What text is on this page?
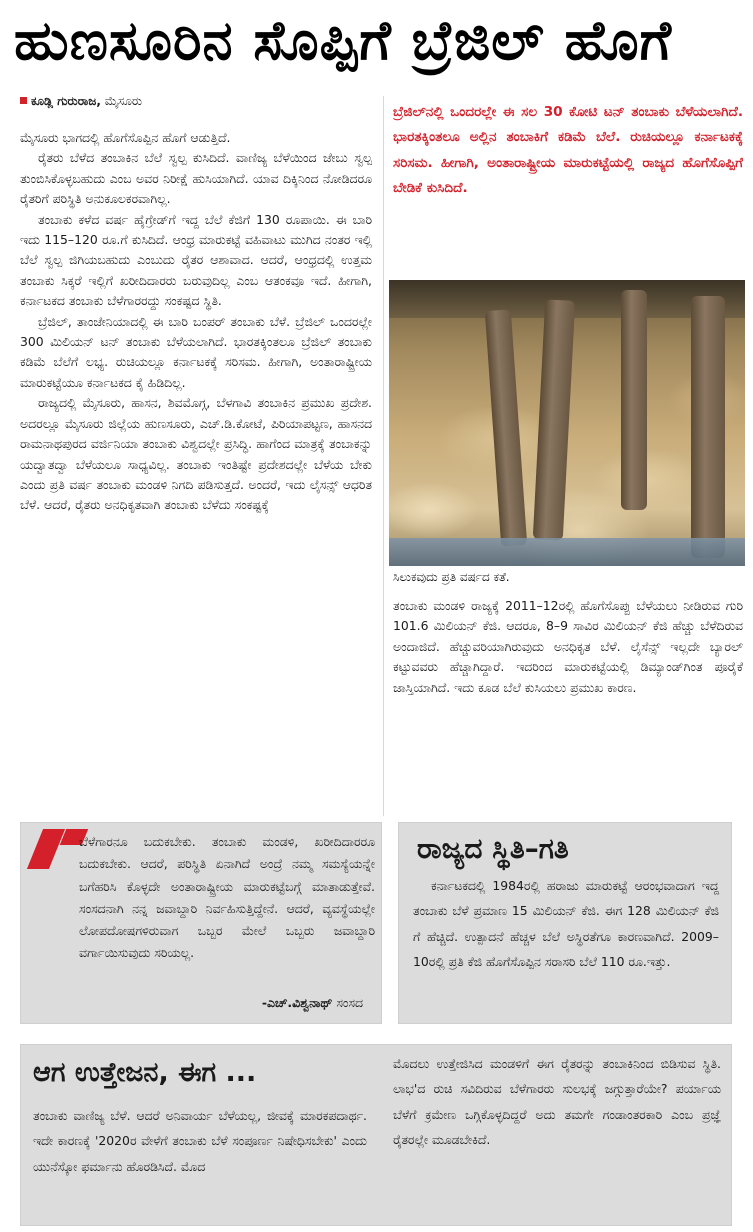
ಹುಣಸೂರಿನ ಸೊಪ್ಪಿಗೆ ಬ್ರೆಜಿಲ್ ಹೊಗೆ
ಕೂಡ್ಲಿ ಗುರುರಾಜ, ಮೈಸೂರು

ಮೈಸೂರು ಭಾಗದಲ್ಲಿ ಹೊಗೆಸೊಪ್ಪಿನ ಹೊಗೆ ಆಡುತ್ತಿದೆ.

ರೈತರು ಬೆಳೆದ ತಂಬಾಕಿನ ಬೆಲೆ ಸ್ವಲ್ಪ ಕುಸಿದಿದೆ. ವಾಣಿಜ್ಯ ಬೆಳೆಯಿಂದ ಜೇಬು ಸ್ವಲ್ಪ ತುಂಬಿಸಿಕೊಳ್ಳಬಹುದು ಎಂಬ ಅವರ ನಿರೀಕ್ಷೆ ಹುಸಿಯಾಗಿದೆ. ಯಾವ ದಿಕ್ಕಿನಿಂದ ನೋಡಿದರೂ ರೈತರಿಗೆ ಪರಿಸ್ಥಿತಿ ಅನುಕೂಲಕರವಾಗಿಲ್ಲ.

ತಂಬಾಕು ಕಳೆದ ವರ್ಷ ಹೈಗ್ರೇಡ್‌ಗೆ ಇದ್ದ ಬೆಲೆ ಕೆಜಿಗೆ 130 ರೂಪಾಯಿ. ಈ ಬಾರಿ ಇದು 115–120 ರೂ.ಗೆ ಕುಸಿದಿದೆ. ಆಂಧ್ರ ಮಾರುಕಟ್ಟೆ ವಹಿವಾಟು ಮುಗಿದ ನಂತರ ಇಲ್ಲಿ ಬೆಲೆ ಸ್ವಲ್ಪ ಜಿಗಿಯಬಹುದು ಎಂಬುದು ರೈತರ ಆಶಾವಾದ. ಆದರೆ, ಆಂಧ್ರದಲ್ಲಿ ಉತ್ತಮ ತಂಬಾಕು ಸಿಕ್ಕರೆ ಇಲ್ಲಿಗೆ ಖರೀದಿದಾರರು ಬರುವುದಿಲ್ಲ ಎಂಬ ಆತಂಕವೂ ಇದೆ. ಹೀಗಾಗಿ, ಕರ್ನಾಟಕದ ತಂಬಾಕು ಬೆಳೆಗಾರರದ್ದು ಸಂಕಷ್ಟದ ಸ್ಥಿತಿ.

ಬ್ರೆಜಿಲ್, ತಾಂಜೇನಿಯಾದಲ್ಲಿ ಈ ಬಾರಿ ಬಂಪರ್ ತಂಬಾಕು ಬೆಳೆ. ಬ್ರೆಜಿಲ್ ಒಂದರಲ್ಲೇ 300 ಮಿಲಿಯನ್ ಟನ್ ತಂಬಾಕು ಬೆಳೆಯಲಾಗಿದೆ. ಭಾರತಕ್ಕಿಂತಲೂ ಬ್ರೆಜಿಲ್ ತಂಬಾಕು ಕಡಿಮೆ ಬೆಲೆಗೆ ಲಭ್ಯ. ರುಚಿಯಲ್ಲೂ ಕರ್ನಾಟಕಕ್ಕೆ ಸರಿಸಮ. ಹೀಗಾಗಿ, ಅಂತಾರಾಷ್ಟ್ರೀಯ ಮಾರುಕಟ್ಟೆಯೂ ಕರ್ನಾಟಕದ ಕೈ ಹಿಡಿದಿಲ್ಲ.

ರಾಜ್ಯದಲ್ಲಿ ಮೈಸೂರು, ಹಾಸನ, ಶಿವಮೊಗ್ಗ, ಬೆಳಗಾವಿ ತಂಬಾಕಿನ ಪ್ರಮುಖ ಪ್ರದೇಶ. ಅದರಲ್ಲೂ ಮೈಸೂರು ಜಿಲ್ಲೆಯ ಹುಣಸೂರು, ಎಚ್.ಡಿ.ಕೋಟೆ, ಪಿರಿಯಾಪಟ್ಟಣ, ಹಾಸನದ ರಾಮನಾಥಪುರದ ವರ್ಜಿನಿಯಾ ತಂಬಾಕು ವಿಶ್ವದಲ್ಲೇ ಪ್ರಸಿದ್ಧಿ. ಹಾಗೆಂದ ಮಾತ್ರಕ್ಕೆ ತಂಬಾಕನ್ನು ಯದ್ವಾತದ್ವಾ ಬೆಳೆಯಲೂ ಸಾಧ್ಯವಿಲ್ಲ. ತಂಬಾಕು ಇಂತಿಷ್ಟೇ ಪ್ರದೇಶದಲ್ಲೇ ಬೆಳೆಯ ಬೇಕು ಎಂದು ಪ್ರತಿ ವರ್ಷ ತಂಬಾಕು ಮಂಡಳಿ ನಿಗದಿ ಪಡಿಸುತ್ತದೆ. ಅಂದರೆ, ಇದು ಲೈಸನ್ಸ್ ಆಧರಿತ ಬೆಳೆ. ಆದರೆ, ರೈತರು ಅನಧಿಕೃತವಾಗಿ ತಂಬಾಕು ಬೆಳೆದು ಸಂಕಷ್ಟಕ್ಕೆ

ಬ್ರೆಜಿಲ್‌ನಲ್ಲಿ ಒಂದರಲ್ಲೇ ಈ ಸಲ 30 ಕೋಟಿ ಟನ್ ತಂಬಾಕು ಬೆಳೆಯಲಾಗಿದೆ. ಭಾರತಕ್ಕಿಂತಲೂ ಅಲ್ಲಿನ ತಂಬಾಕಿಗೆ ಕಡಿಮೆ ಬೆಲೆ. ರುಚಿಯಲ್ಲೂ ಕರ್ನಾಟಕಕ್ಕೆ ಸರಿಸಮ. ಹೀಗಾಗಿ, ಅಂತಾರಾಷ್ಟ್ರೀಯ ಮಾರುಕಟ್ಟೆಯಲ್ಲಿ ರಾಜ್ಯದ ಹೊಗೆಸೊಪ್ಪಿಗೆ ಬೇಡಿಕೆ ಕುಸಿದಿದೆ.
ಸಿಲುಕವುದು ಪ್ರತಿ ವರ್ಷದ ಕತೆ.

ತಂಬಾಕು ಮಂಡಳಿ ರಾಜ್ಯಕ್ಕೆ 2011–12ರಲ್ಲಿ ಹೊಗೆಸೊಪ್ಪು ಬೆಳೆಯಲು ನೀಡಿರುವ ಗುರಿ 101.6 ಮಿಲಿಯನ್ ಕೆಜಿ. ಆದರೂ, 8–9 ಸಾವಿರ ಮಿಲಿಯನ್ ಕೆಜಿ ಹೆಚ್ಚು ಬೆಳೆದಿರುವ ಅಂದಾಜಿದೆ. ಹೆಚ್ಚುವರಿಯಾಗಿರುವುದು ಅನಧಿಕೃತ ಬೆಳೆ. ಲೈಸೆನ್ಸ್ ಇಲ್ಲದೇ ಬ್ಯಾರಲ್ ಕಟ್ಟುವವರು ಹೆಚ್ಚಾಗಿದ್ದಾರೆ. ಇದರಿಂದ ಮಾರುಕಟ್ಟೆಯಲ್ಲಿ ಡಿಮ್ಯಾಂಡ್‌ಗಿಂತ ಪೂರೈಕೆ ಜಾಸ್ತಿಯಾಗಿದೆ. ಇದು ಕೂಡ ಬೆಲೆ ಕುಸಿಯಲು ಪ್ರಮುಖ ಕಾರಣ.

ಬೆಳೆಗಾರನೂ ಬದುಕಬೇಕು. ತಂಬಾಕು ಮಂಡಳಿ, ಖರೀದಿದಾರರೂ ಬದುಕಬೇಕು. ಆದರೆ, ಪರಿಸ್ಥಿತಿ ಏನಾಗಿದೆ ಅಂದ್ರೆ ನಮ್ಮ ಸಮಸ್ಯೆಯನ್ನೇ ಬಗೆಹರಿಸಿ ಕೊಳ್ಳದೇ ಅಂತಾರಾಷ್ಟ್ರೀಯ ಮಾರುಕಟ್ಟೆಬಗ್ಗೆ ಮಾತಾಡುತ್ತೇವೆ. ಸಂಸದನಾಗಿ ನನ್ನ ಜವಾಬ್ದಾರಿ ನಿರ್ವಹಿಸುತ್ತಿದ್ದೇನೆ. ಆದರೆ, ವ್ಯವಸ್ಥೆಯಲ್ಲೇ ಲೋಪದೋಷಗಳಿರುವಾಗ ಒಬ್ಬರ ಮೇಲೆ ಒಬ್ಬರು ಜವಾಬ್ದಾರಿ ವರ್ಗಾಯಿಸುವುದು ಸರಿಯಲ್ಲ.
-ಎಚ್.ವಿಶ್ವನಾಥ್ ಸಂಸದ
ರಾಜ್ಯದ ಸ್ಥಿತಿ–ಗತಿ

ಕರ್ನಾಟಕದಲ್ಲಿ 1984ರಲ್ಲಿ ಹರಾಜು ಮಾರುಕಟ್ಟೆ ಆರಂಭವಾದಾಗ ಇದ್ದ ತಂಬಾಕು ಬೆಳೆ ಪ್ರಮಾಣ 15 ಮಿಲಿಯನ್ ಕೆಜಿ. ಈಗ 128 ಮಿಲಿಯನ್ ಕೆಜಿ ಗೆ ಹೆಚ್ಚಿದೆ. ಉತ್ಪಾದನೆ ಹೆಚ್ಚಳ ಬೆಲೆ ಅಸ್ಥಿರತೆಗೂ ಕಾರಣವಾಗಿದೆ. 2009–10ರಲ್ಲಿ ಪ್ರತಿ ಕೆಜಿ ಹೊಗೆಸೊಪ್ಪಿನ ಸರಾಸರಿ ಬೆಲೆ 110 ರೂ.ಇತ್ತು.

ಆಗ ಉತ್ತೇಜನ, ಈಗ ...
ತಂಬಾಕು ವಾಣಿಜ್ಯ ಬೆಳೆ. ಆದರೆ ಅನಿವಾರ್ಯ ಬೆಳೆಯಲ್ಲ, ಜೀವಕ್ಕೆ ಮಾರಕಪದಾರ್ಥ. ಇದೇ ಕಾರಣಕ್ಕೆ '2020ರ ವೇಳೆಗೆ ತಂಬಾಕು ಬೆಳೆ ಸಂಪೂರ್ಣ ನಿಷೇಧಿಸಬೇಕು' ಎಂದು ಯುನೆಸ್ಕೋ ಫರ್ಮಾನು ಹೊರಡಿಸಿದೆ. ಮೊದ
ಮೊದಲು ಉತ್ತೇಜಿಸಿದ ಮಂಡಳಿಗೆ ಈಗ ರೈತರನ್ನು ತಂಬಾಕಿನಿಂದ ಬಿಡಿಸುವ ಸ್ಥಿತಿ. ಲಾಭ'ದ ರುಚಿ ಸವಿದಿರುವ ಬೆಳೆಗಾರರು ಸುಲಭಕ್ಕೆ ಜಗ್ಗುತ್ತಾರೆಯೇ? ಪರ್ಯಾಯ ಬೆಳೆಗೆ ಕ್ರಮೇಣ ಒಗ್ಗಿಕೊಳ್ಳದಿದ್ದರೆ ಅದು ತಮಗೇ ಗಂಡಾಂತರಕಾರಿ ಎಂಬ ಪ್ರಜ್ಞೆ ರೈತರಲ್ಲೇ ಮೂಡಬೇಕಿದೆ.
